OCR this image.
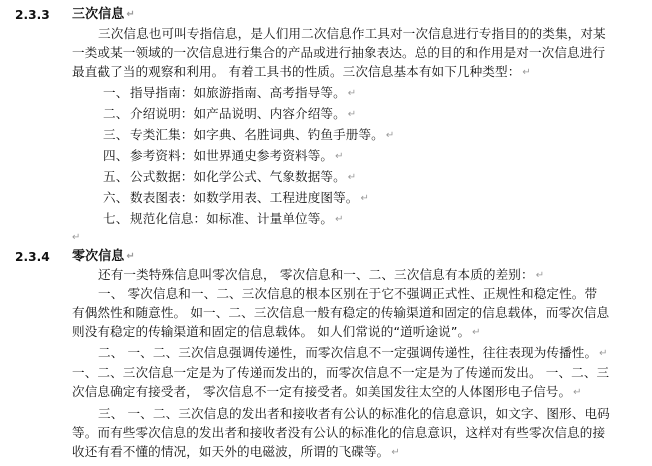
2.3.3 三次信息 ↵
三次信息也可叫专指信息，是人们用二次信息作工具对一次信息进行专指目的的类集，对某
一类或某一领域的一次信息进行集合的产品或进行抽象表达。总的目的和作用是对一次信息进行
最直截了当的观察和利用。 有着工具书的性质。三次信息基本有如下几种类型： ↵
一、 指导指南：如旅游指南、高考指导等。 ↵
二、 介绍说明：如产品说明、内容介绍等。 ↵
三、 专类汇集：如字典、名胜词典、钓鱼手册等。 ↵
四、 参考资料：如世界通史参考资料等。 ↵
五、 公式数据：如化学公式、气象数据等。 ↵
六、 数表图表：如数学用表、工程进度图等。 ↵
七、 规范化信息：如标准、计量单位等。 ↵
↵
2.3.4 零次信息 ↵
还有一类特殊信息叫零次信息， 零次信息和一、二、三次信息有本质的差别： ↵
一、 零次信息和一、二、三次信息的根本区别在于它不强调正式性、正规性和稳定性。带
有偶然性和随意性。 如一、二、三次信息一般有稳定的传输渠道和固定的信息载体，而零次信息
则没有稳定的传输渠道和固定的信息载体。 如人们常说的“道听途说”。 ↵
二、 一、二、三次信息强调传递性，而零次信息不一定强调传递性，往往表现为传播性。 ↵
一、二、三次信息一定是为了传递而发出的，而零次信息不一定是为了传递而发出。 一、二、三
次信息确定有接受者， 零次信息不一定有接受者。如美国发往太空的人体图形电子信号。 ↵
三、 一、二、三次信息的发出者和接收者有公认的标准化的信息意识，如文字、图形、电码
等。而有些零次信息的发出者和接收者没有公认的标准化的信息意识，这样对有些零次信息的接
收还有看不懂的情况，如天外的电磁波，所谓的飞碟等。 ↵
